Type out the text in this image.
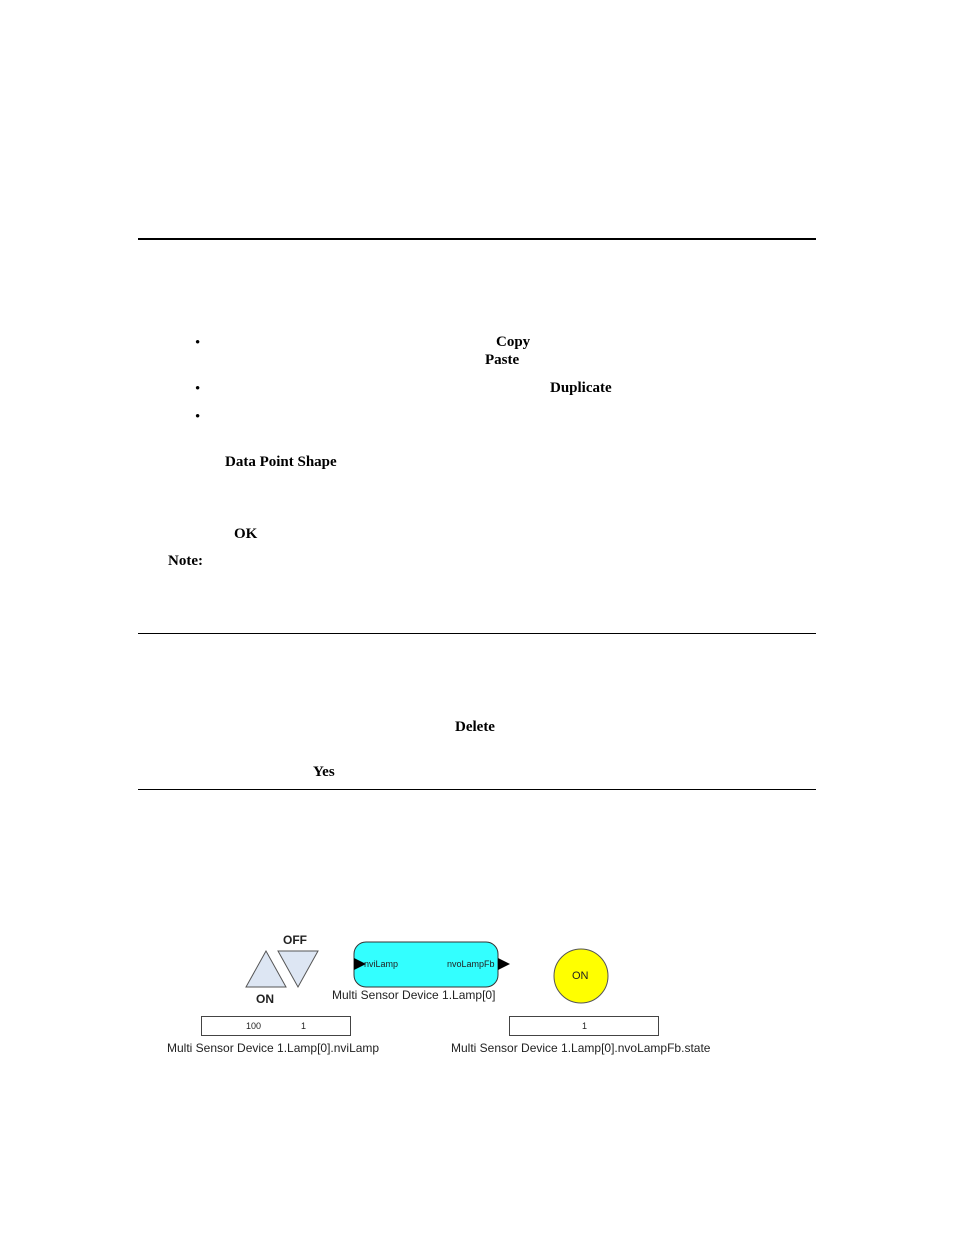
•
•
•
Copy
Paste
Duplicate
Data Point Shape
OK
Note:
Delete
Yes
OFF
ON
nviLamp	nvoLampFb
Multi Sensor Device 1.Lamp[0]
ON
100	1
Multi Sensor Device 1.Lamp[0].nviLamp
1
Multi Sensor Device 1.Lamp[0].nvoLampFb.state
